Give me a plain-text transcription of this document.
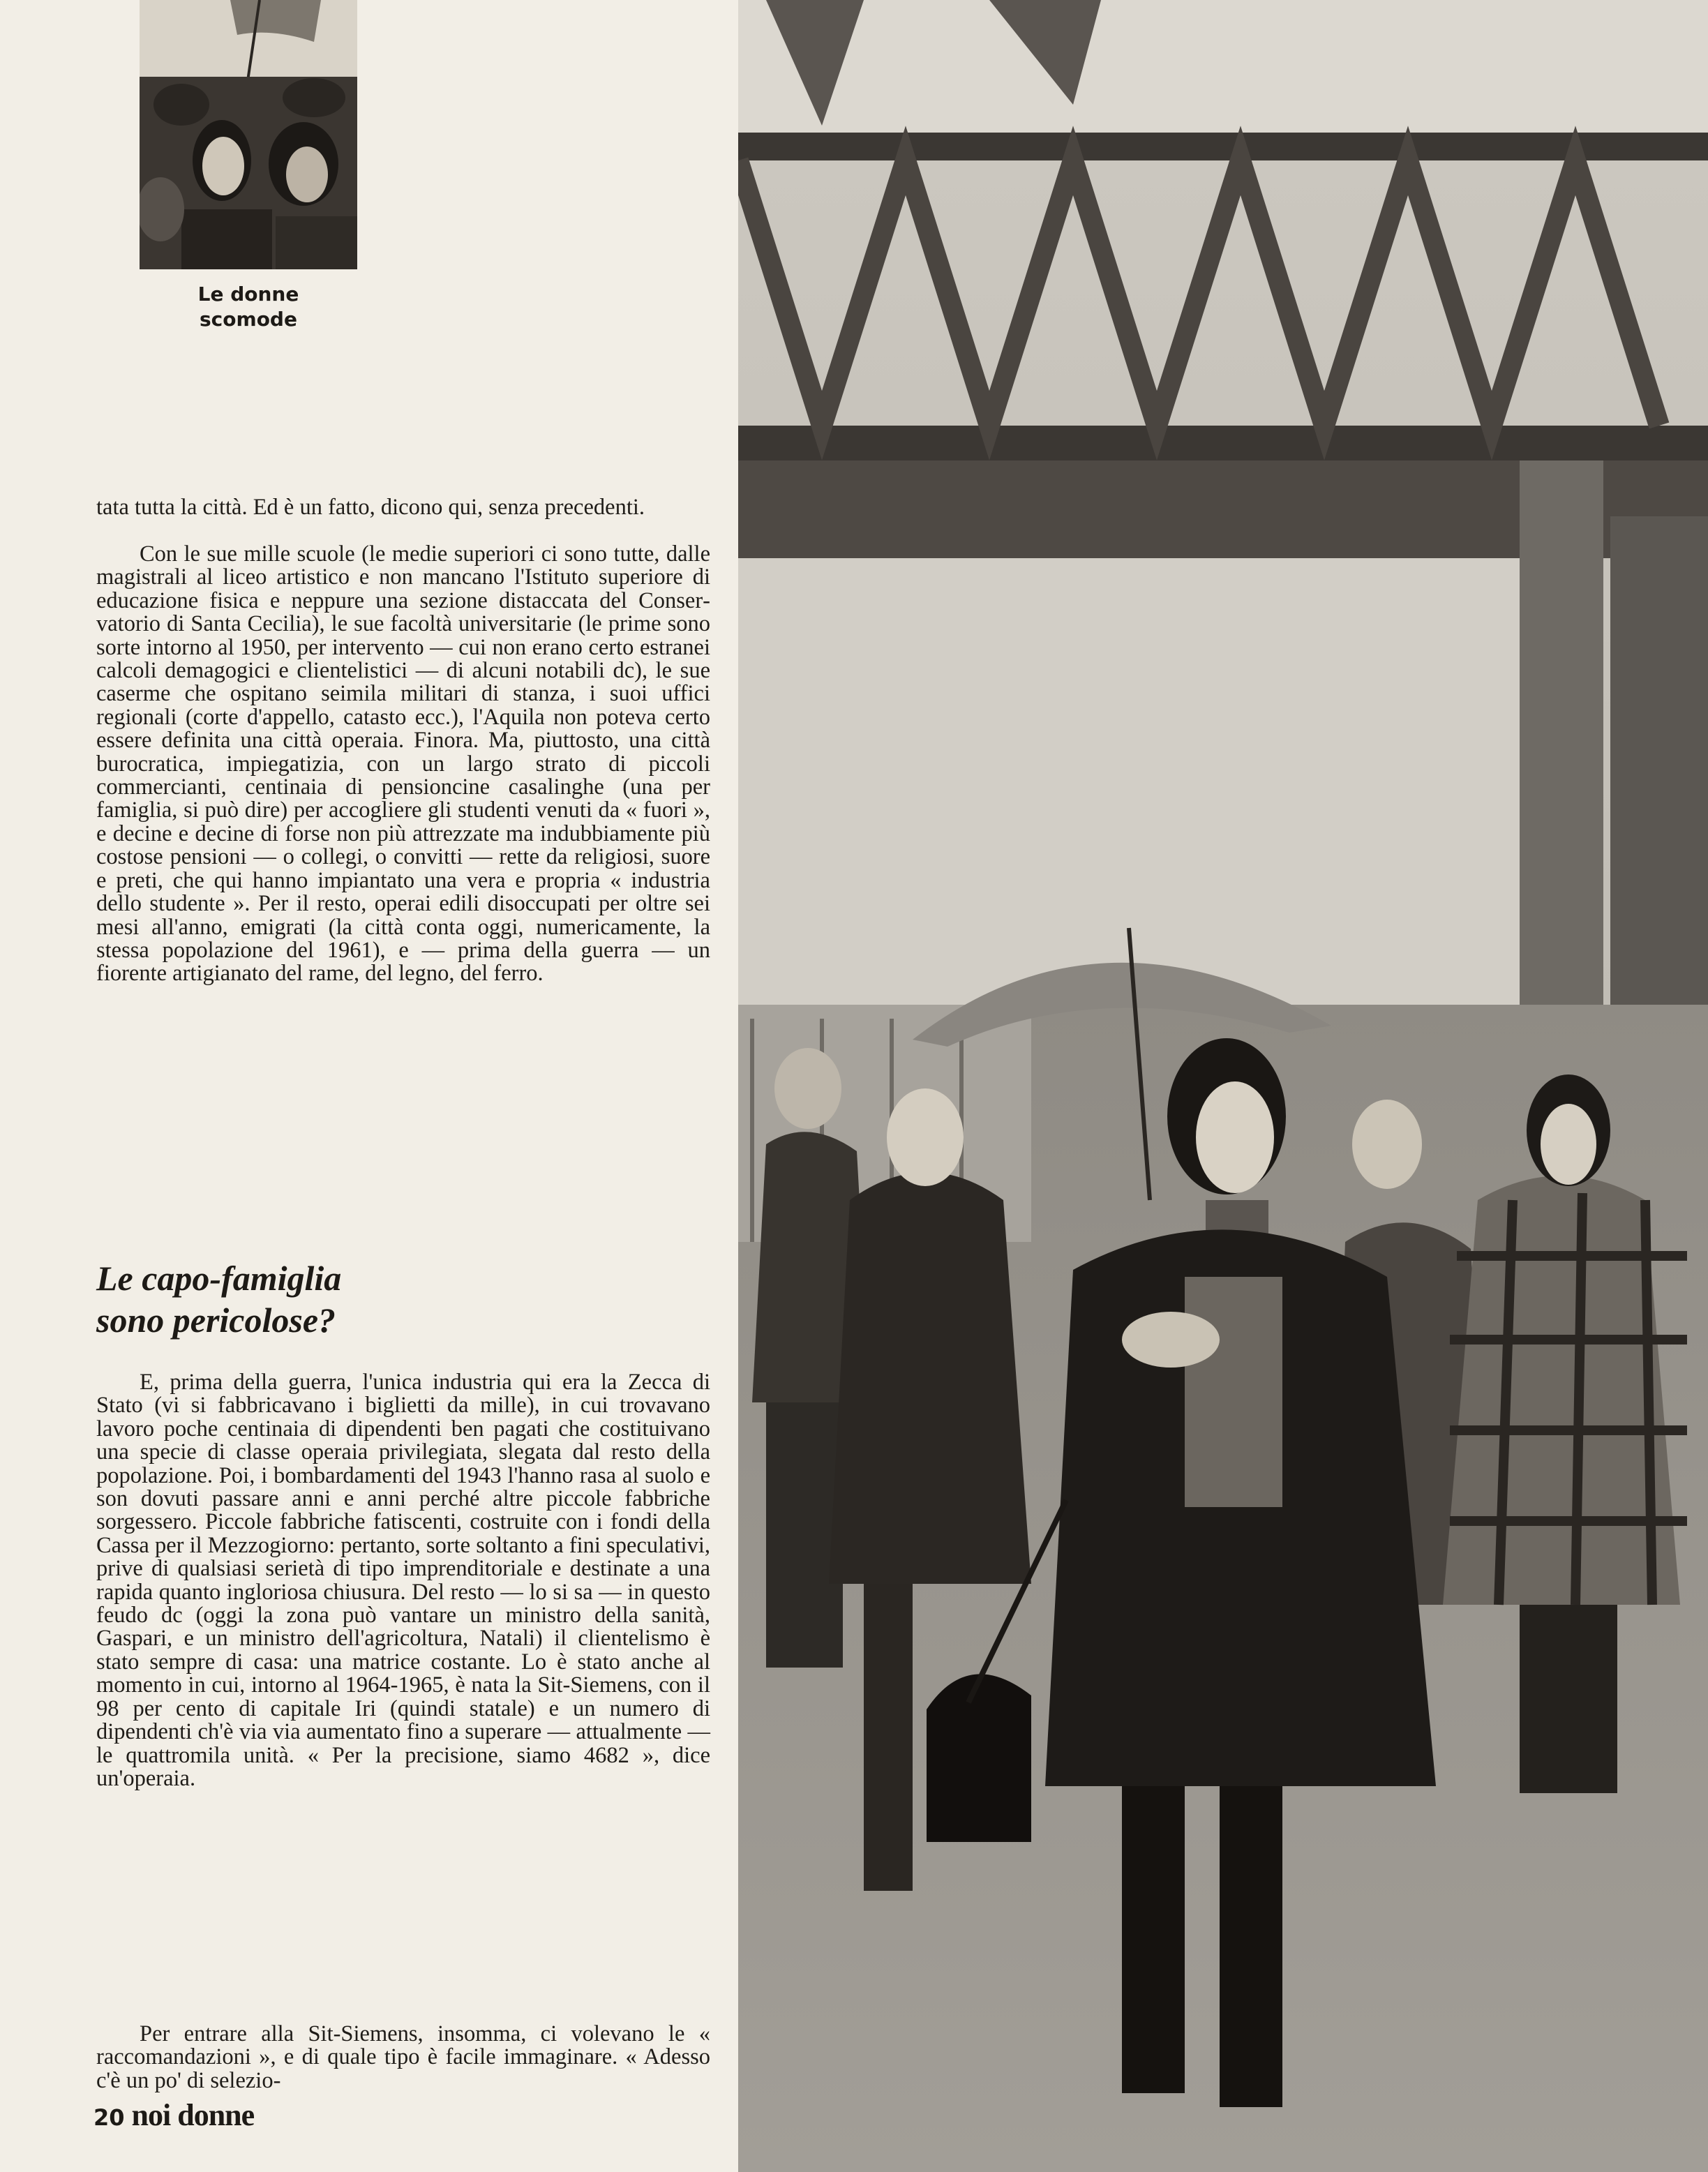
Le donne
scomode

tata tutta la città. Ed è un fatto, dicono qui, senza precedenti.

Con le sue mille scuole (le medie superiori ci sono tutte, dalle magistrali al liceo artistico e non mancano l'Istituto superiore di educazione fisica e neppure una sezione distaccata del Conservatorio di Santa Cecilia), le sue facoltà universitarie (le prime sono sorte intorno al 1950, per intervento — cui non erano certo estranei calcoli demagogici e clientelistici — di alcuni notabili dc), le sue caserme che ospitano seimila militari di stanza, i suoi uffici regionali (corte d'appello, catasto ecc.), l'Aquila non poteva certo essere definita una città operaia. Finora. Ma, piuttosto, una città burocratica, impiegatizia, con un largo strato di piccoli commercianti, centinaia di pensioncine casalinghe (una per famiglia, si può dire) per accogliere gli studenti venuti da « fuori », e decine e decine di forse non più attrezzate ma indubbiamente più costose pensioni — o collegi, o convitti — rette da religiosi, suore e preti, che qui hanno impiantato una vera e propria « industria dello studente ». Per il resto, operai edili disoccupati per oltre sei mesi all'anno, emigrati (la città conta oggi, numericamente, la stessa popolazione del 1961), e — prima della guerra — un fiorente artigianato del rame, del legno, del ferro.

Le capo-famiglia
sono pericolose?

E, prima della guerra, l'unica industria qui era la Zecca di Stato (vi si fabbricavano i biglietti da mille), in cui trovavano lavoro poche centinaia di dipendenti ben pagati che costituivano una specie di classe operaia privilegiata, slegata dal resto della popolazione. Poi, i bombardamenti del 1943 l'hanno rasa al suolo e son dovuti passare anni e anni perché altre piccole fabbriche sorgessero. Piccole fabbriche fatiscenti, costruite con i fondi della Cassa per il Mezzogiorno: pertanto, sorte soltanto a fini speculativi, prive di qualsiasi serietà di tipo imprenditoriale e destinate a una rapida quanto ingloriosa chiusura. Del resto — lo si sa — in questo feudo dc (oggi la zona può vantare un ministro della sanità, Gaspari, e un ministro dell'agricoltura, Natali) il clientelismo è stato sempre di casa: una matrice costante. Lo è stato anche al momento in cui, intorno al 1964-1965, è nata la Sit-Siemens, con il 98 per cento di capitale Iri (quindi statale) e un numero di dipendenti ch'è via via aumentato fino a superare — attualmente — le quattromila unità. « Per la precisione, siamo 4682 », dice un'operaia.

Per entrare alla Sit-Siemens, insomma, ci volevano le « raccomandazioni », e di quale tipo è facile immaginare. « Adesso c'è un po' di selezio-

20 noi donne
